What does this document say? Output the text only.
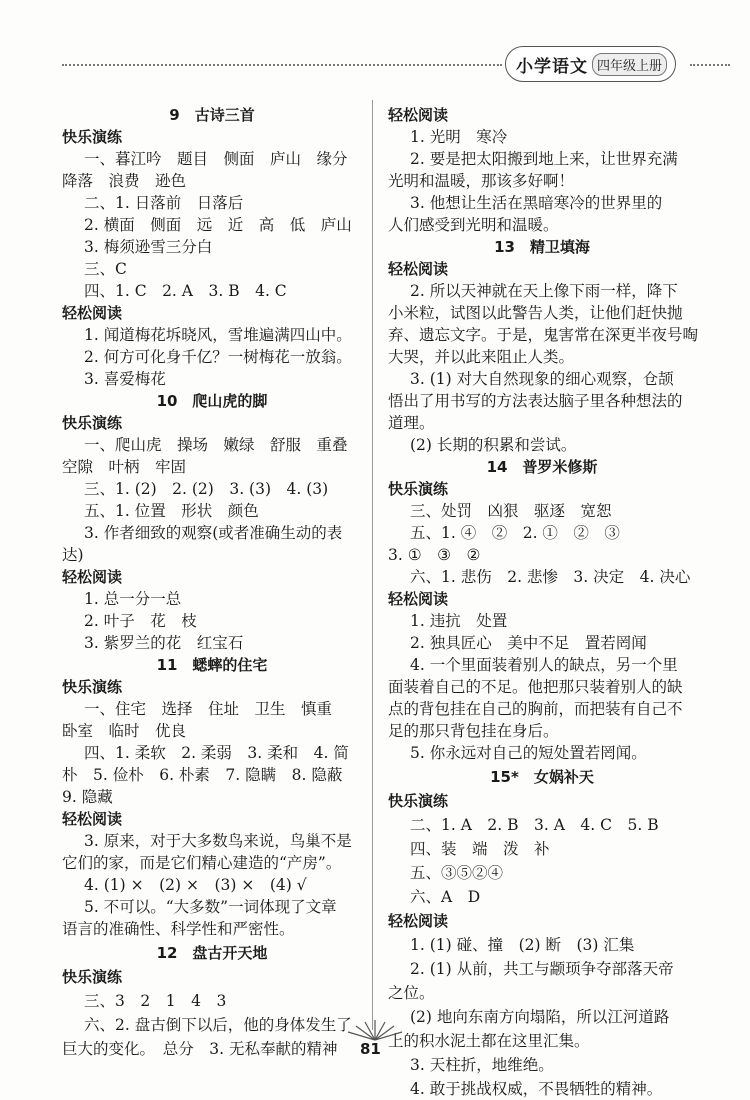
小学语文 四年级上册
9　古诗三首
快乐演练
一、暮江吟　题目　侧面　庐山　缘分
降落　浪费　逊色
二、1. 日落前　日落后
2. 横面　侧面　远　近　高　低　庐山
3. 梅须逊雪三分白
三、C
四、1. C　2. A　3. B　4. C
轻松阅读
1. 闻道梅花坼晓风，雪堆遍满四山中。
2. 何方可化身千亿？一树梅花一放翁。
3. 喜爱梅花
10　爬山虎的脚
快乐演练
一、爬山虎　操场　嫩绿　舒服　重叠
空隙　叶柄　牢固
三、1. (2)　2. (2)　3. (3)　4. (3)
五、1. 位置　形状　颜色
3. 作者细致的观察(或者准确生动的表
达)
轻松阅读
1. 总一分一总
2. 叶子　花　枝
3. 紫罗兰的花　红宝石
11　蟋蟀的住宅
快乐演练
一、住宅　选择　住址　卫生　慎重
卧室　临时　优良
四、1. 柔软　2. 柔弱　3. 柔和　4. 简
朴　5. 俭朴　6. 朴素　7. 隐瞒　8. 隐蔽
9. 隐藏
轻松阅读
3. 原来，对于大多数鸟来说，鸟巢不是
它们的家，而是它们精心建造的“产房”。
4. (1) ×　(2) ×　(3) ×　(4) √
5. 不可以。“大多数”一词体现了文章
语言的准确性、科学性和严密性。
12　盘古开天地
快乐演练
三、3　2　1　4　3
六、2. 盘古倒下以后，他的身体发生了
巨大的变化。　总分　3. 无私奉献的精神
轻松阅读
1. 光明　寒冷
2. 要是把太阳搬到地上来，让世界充满
光明和温暖，那该多好啊！
3. 他想让生活在黑暗寒冷的世界里的
人们感受到光明和温暖。
13　精卫填海
轻松阅读
2. 所以天神就在天上像下雨一样，降下
小米粒，试图以此警告人类，让他们赶快抛
弃、遗忘文字。于是，鬼害常在深更半夜号啕
大哭，并以此来阻止人类。
3. (1) 对大自然现象的细心观察，仓颉
悟出了用书写的方法表达脑子里各种想法的
道理。
(2) 长期的积累和尝试。
14　普罗米修斯
快乐演练
三、处罚　凶狠　驱逐　宽恕
五、1. ④　②　2. ①　②　③
3. ①　③　②
六、1. 悲伤　2. 悲惨　3. 决定　4. 决心
轻松阅读
1. 违抗　处置
2. 独具匠心　美中不足　置若罔闻
4. 一个里面装着别人的缺点，另一个里
面装着自己的不足。他把那只装着别人的缺
点的背包挂在自己的胸前，而把装有自己不
足的那只背包挂在身后。
5. 你永远对自己的短处置若罔闻。
15*　女娲补天
快乐演练
二、1. A　2. B　3. A　4. C　5. B
四、装　端　泼　补
五、③⑤②④
六、A　D
轻松阅读
1. (1) 碰、撞　(2) 断　(3) 汇集
2. (1) 从前，共工与颛顼争夺部落天帝
之位。
(2) 地向东南方向塌陷，所以江河道路
上的积水泥土都在这里汇集。
3. 天柱折，地维绝。
4. 敢于挑战权威，不畏牺牲的精神。
81
